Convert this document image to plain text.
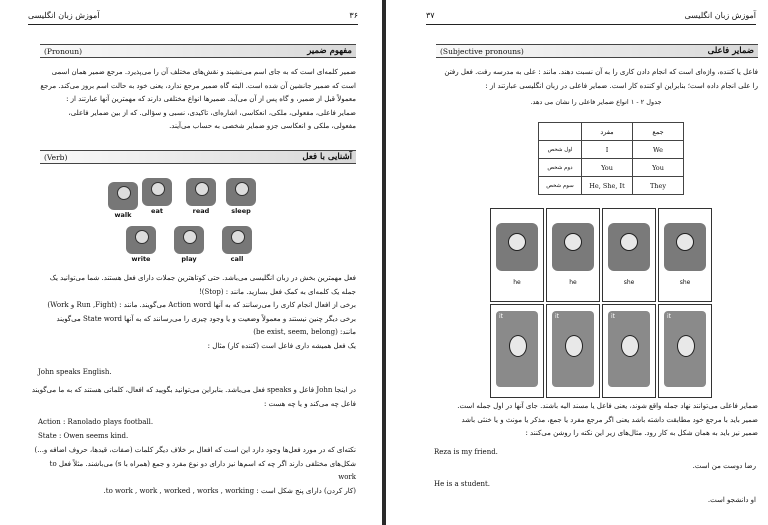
آموزش زبان انگلیسی	۳۶
(Pronoun)	مفهوم ضمیر
ضمیر کلمه‌ای است که به جای اسم می‌نشیند و نقش‌های مختلف آن را می‌پذیرد. مرجع ضمیر همان اسمی
است که ضمیر جانشین آن شده است. البته گاه ضمیر مرجع ندارد، یعنی خود به حالت اسم بروز می‌کند. مرجع
معمولاً قبل از ضمیر، و گاه پس از آن می‌آید. ضمیرها انواع مختلفی دارند که مهمترین آنها عبارتند از :
ضمایر فاعلی، مفعولی، ملکی، انعکاسی، اشاره‌ای، تاکیدی، نسبی و سؤالی. که از بین ضمایر فاعلی،
مفعولی، ملکی و انعکاسی جزو ضمایر شخصی به حساب می‌آیند.
(Verb)	آشنایی با فعل
walk	eat	read	sleep
write	play	call
فعل مهمترین بخش در زبان انگلیسی می‌باشد. حتی کوتاهترین جملات دارای فعل هستند. شما می‌توانید یک
جمله یک کلمه‌ای به کمک فعل بسازید. مانند : (Stop)!
برخی از افعال انجام کاری را می‌رسانند که به آنها Action word می‌گویند. مانند : (Run ,Fight و Work)
برخی دیگر چنین نیستند و معمولاً وضعیت و یا وجود چیزی را می‌رسانند که به آنها State word می‌گویند
مانند: (be exist, seem, belong)
یک فعل همیشه داری فاعل است (کننده کار) مثال :
John speaks English.
در اینجا John فاعل و speaks فعل می‌باشد. بنابراین می‌توانید بگویید که افعال، کلماتی هستند که به ما می‌گویند
فاعل چه می‌کند و یا چه هست :
Action : Ranolado plays football.
State : Owen seems kind.
نکته‌ای که در مورد فعل‌ها وجود دارد این است که افعال بر خلاف دیگر کلمات (صفات، قیدها، حروف اضافه و...)
شکل‌های مختلفی دارند اگر چه که اسم‌ها نیز دارای دو نوع مفرد و جمع (همراه با s) می‌باشند. مثلاً فعل to work
(کار کردن) دارای پنج شکل است : to work , work , worked , works , working.
۳۷	آموزش زبان انگلیسی
(Subjective pronouns)	ضمایر فاعلی
فاعل یا کننده، واژه‌ای است که انجام دادن کاری را به آن نسبت دهند. مانند : علی به مدرسه رفت. فعل رفتن
را علی انجام داده است؛ بنابراین او کننده کار است. ضمایر فاعلی در زبان انگلیسی عبارتند از :
جدول ۲ - ۱ انواع ضمایر فاعلی را نشان می دهد.
	مفرد	جمع
اول شخص	I	We
دوم شخص	You	You
سوم شخص	He, She, It	They
he	he	she	she
it	it	it	it
ضمایر فاعلی می‌توانند نهاد جمله واقع شوند، یعنی فاعل یا مسند الیه باشند. جای آنها در اول جمله است.
ضمیر باید با مرجع خود مطابقت داشته باشد یعنی اگر مرجع مفرد یا جمع، مذکر یا مونث و یا خنثی باشد
ضمیر نیز باید به همان شکل به کار رود. مثال‌های زیر این نکته را روشن می‌کنند :
Reza is my friend.
رضا دوست من است.
He is a student.
او دانشجو است.
